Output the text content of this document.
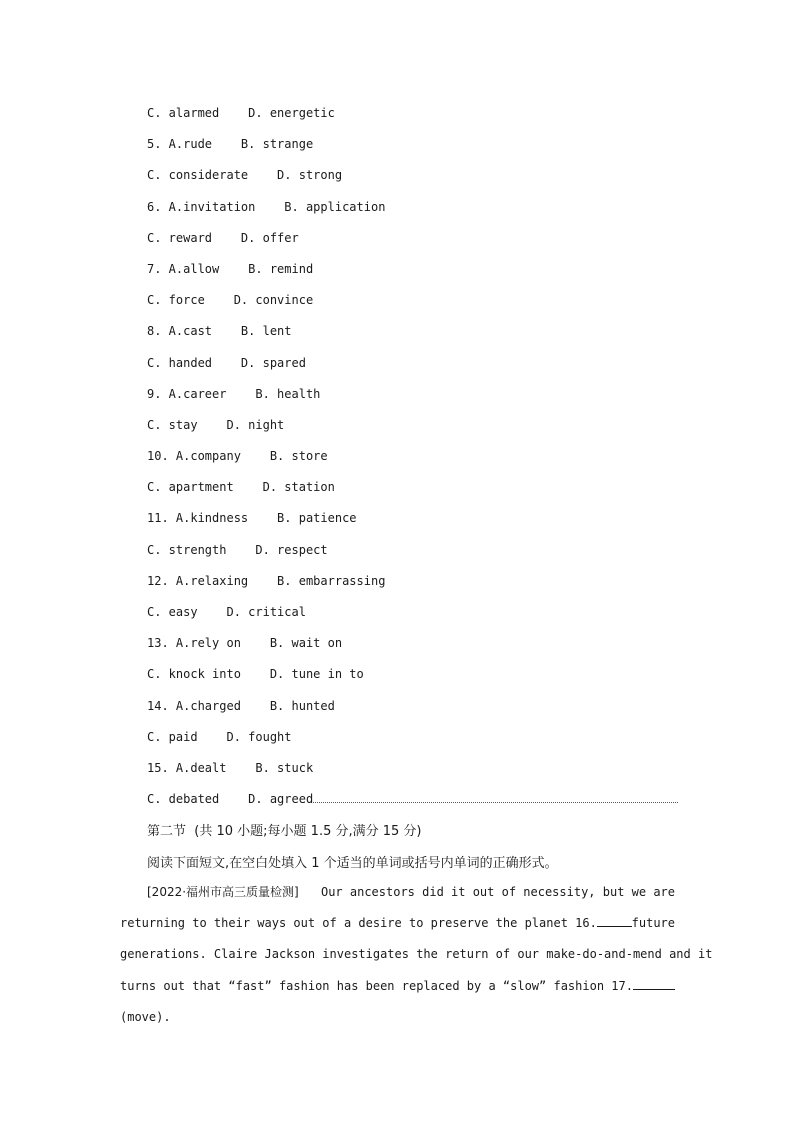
C. alarmed    D. energetic
5. A.rude    B. strange
C. considerate    D. strong
6. A.invitation    B. application
C. reward    D. offer
7. A.allow    B. remind
C. force    D. convince
8. A.cast    B. lent
C. handed    D. spared
9. A.career    B. health
C. stay    D. night
10. A.company    B. store
C. apartment    D. station
11. A.kindness    B. patience
C. strength    D. respect
12. A.relaxing    B. embarrassing
C. easy    D. critical
13. A.rely on    B. wait on
C. knock into    D. tune in to
14. A.charged    B. hunted
C. paid    D. fought
15. A.dealt    B. stuck
C. debated    D. agreed
第二节 (共 10 小题;每小题 1.5 分,满分 15 分)
阅读下面短文,在空白处填入 1 个适当的单词或括号内单词的正确形式。
[2022·福州市高三质量检测] Our ancestors did it out of necessity, but we are
returning to their ways out of a desire to preserve the planet 16.	future
generations. Claire Jackson investigates the return of our make-do-and-mend and it
turns out that “fast” fashion has been replaced by a “slow” fashion 17.
(move).
